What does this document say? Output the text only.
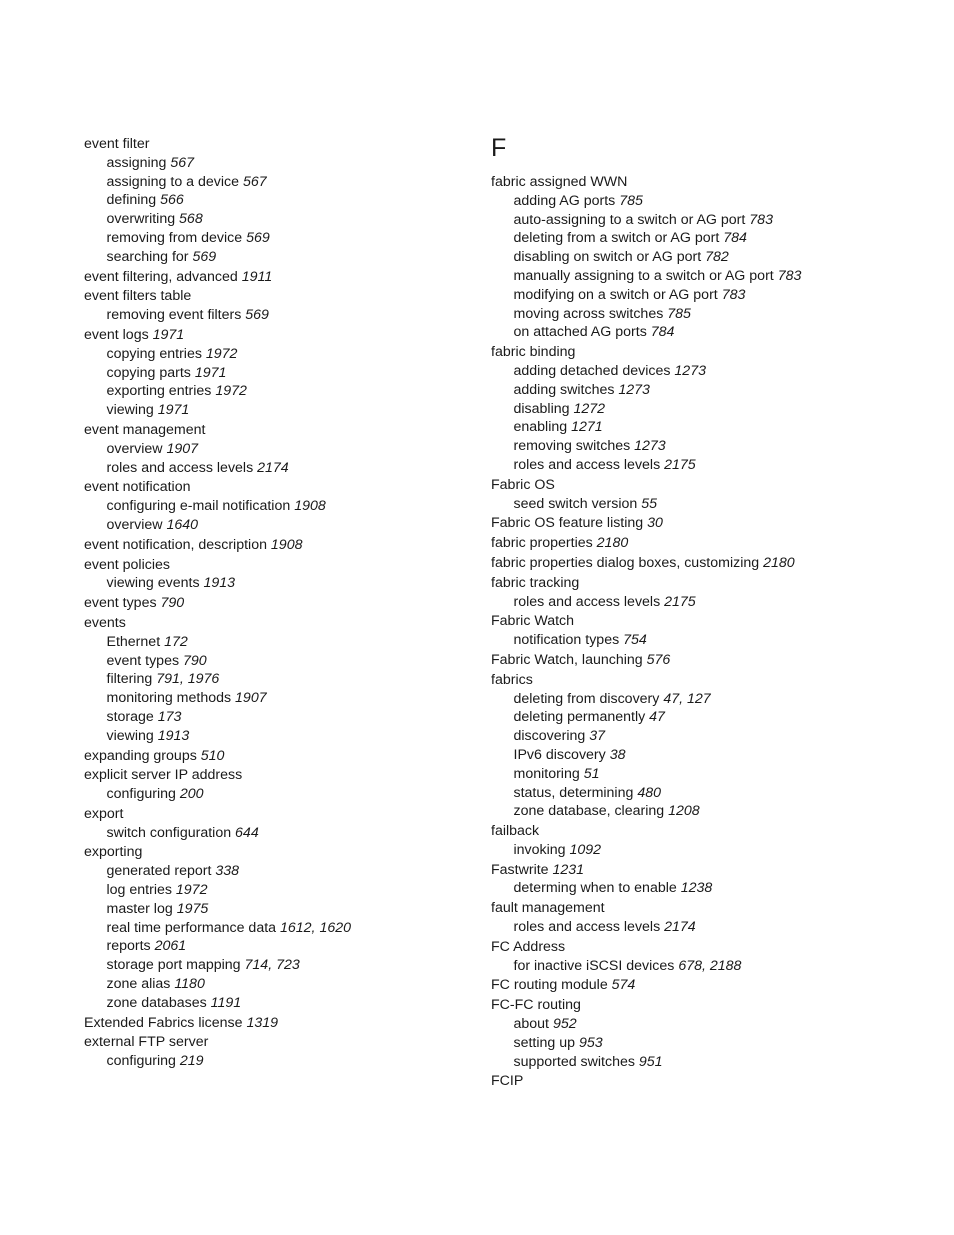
event filter
assigning 567
assigning to a device 567
defining 566
overwriting 568
removing from device 569
searching for 569
event filtering, advanced 1911
event filters table
removing event filters 569
event logs 1971
copying entries 1972
copying parts 1971
exporting entries 1972
viewing 1971
event management
overview 1907
roles and access levels 2174
event notification
configuring e-mail notification 1908
overview 1640
event notification, description 1908
event policies
viewing events 1913
event types 790
events
Ethernet 172
event types 790
filtering 791, 1976
monitoring methods 1907
storage 173
viewing 1913
expanding groups 510
explicit server IP address
configuring 200
export
switch configuration 644
exporting
generated report 338
log entries 1972
master log 1975
real time performance data 1612, 1620
reports 2061
storage port mapping 714, 723
zone alias 1180
zone databases 1191
Extended Fabrics license 1319
external FTP server
configuring 219
F
fabric assigned WWN
adding AG ports 785
auto-assigning to a switch or AG port 783
deleting from a switch or AG port 784
disabling on switch or AG port 782
manually assigning to a switch or AG port 783
modifying on a switch or AG port 783
moving across switches 785
on attached AG ports 784
fabric binding
adding detached devices 1273
adding switches 1273
disabling 1272
enabling 1271
removing switches 1273
roles and access levels 2175
Fabric OS
seed switch version 55
Fabric OS feature listing 30
fabric properties 2180
fabric properties dialog boxes, customizing 2180
fabric tracking
roles and access levels 2175
Fabric Watch
notification types 754
Fabric Watch, launching 576
fabrics
deleting from discovery 47, 127
deleting permanently 47
discovering 37
IPv6 discovery 38
monitoring 51
status, determining 480
zone database, clearing 1208
failback
invoking 1092
Fastwrite 1231
determing when to enable 1238
fault management
roles and access levels 2174
FC Address
for inactive iSCSI devices 678, 2188
FC routing module 574
FC-FC routing
about 952
setting up 953
supported switches 951
FCIP
